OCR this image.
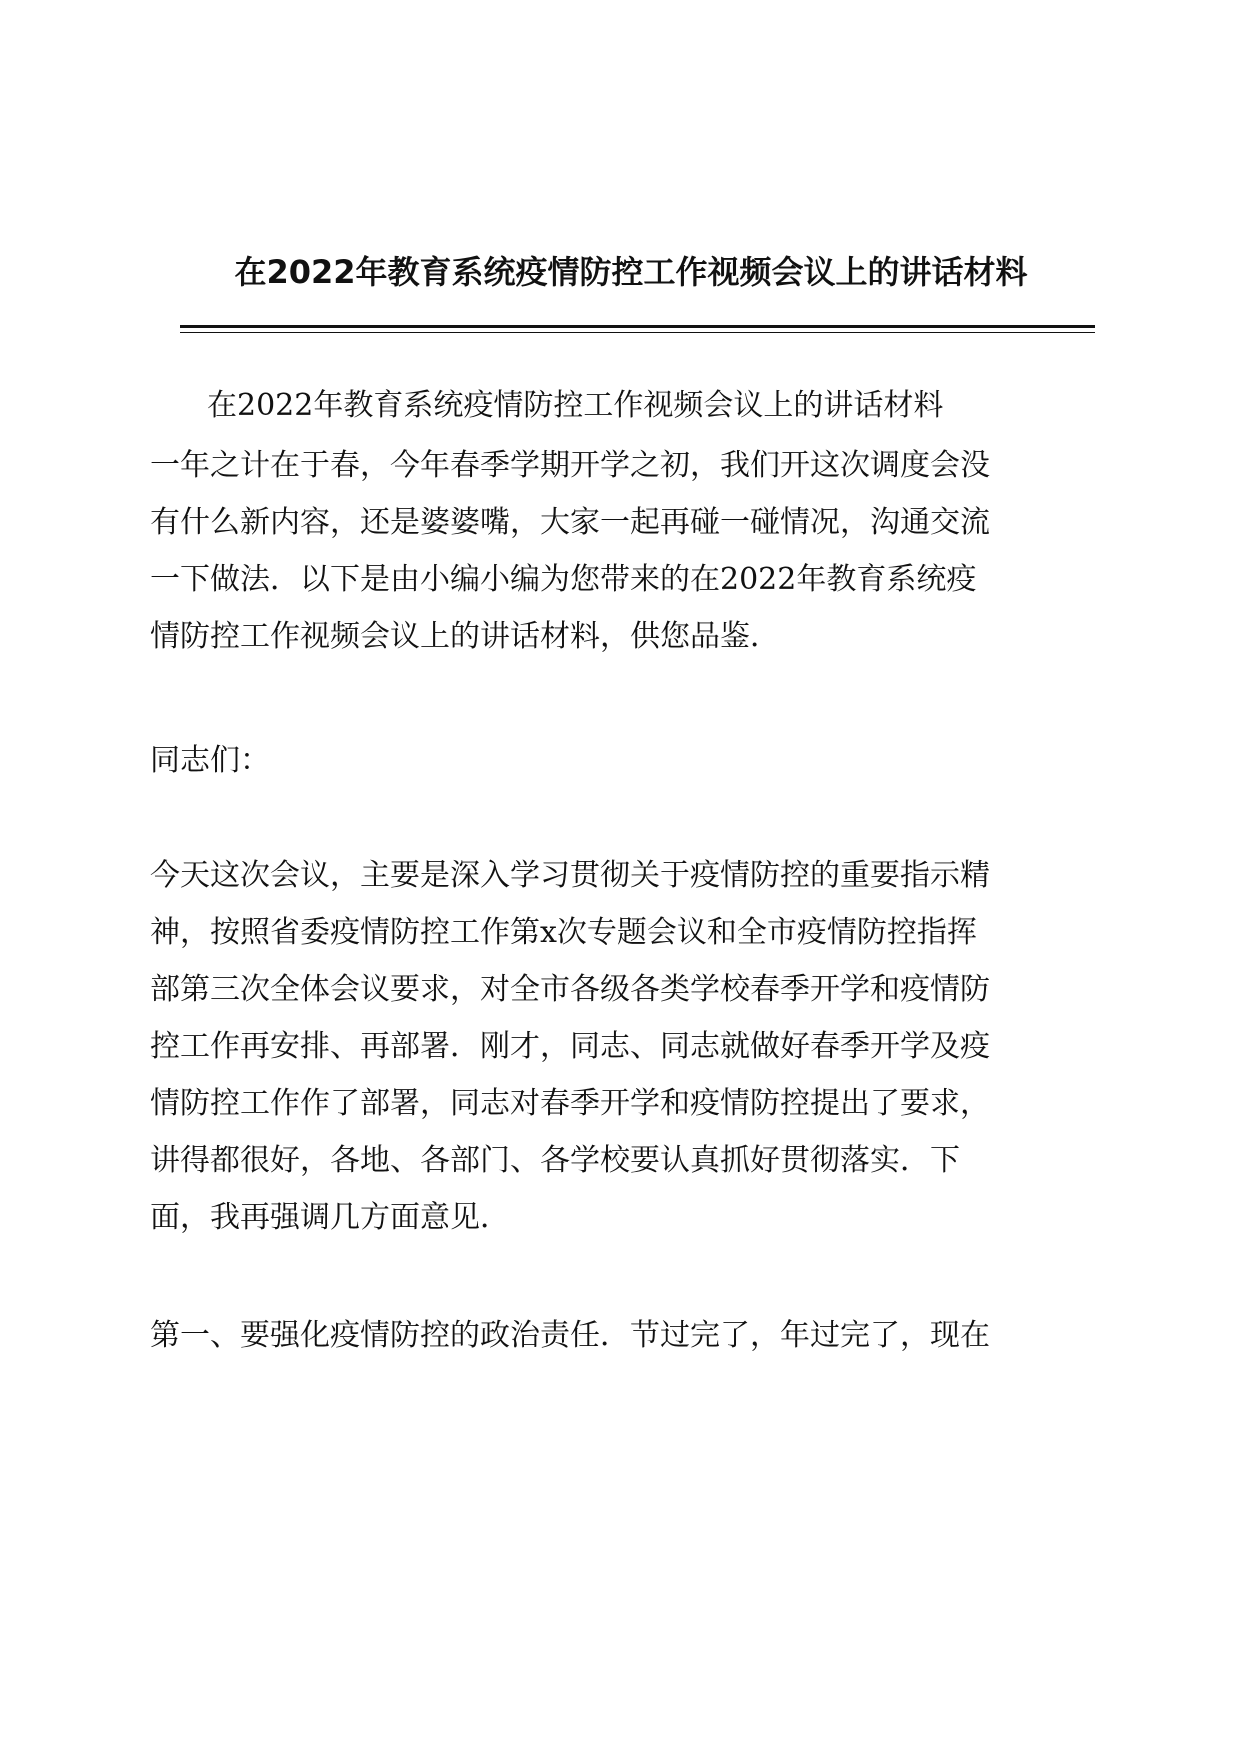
在2022年教育系统疫情防控工作视频会议上的讲话材料

在2022年教育系统疫情防控工作视频会议上的讲话材料

一年之计在于春，今年春季学期开学之初，我们开这次调度会没

有什么新内容，还是婆婆嘴，大家一起再碰一碰情况，沟通交流

一下做法．以下是由小编小编为您带来的在2022年教育系统疫

情防控工作视频会议上的讲话材料，供您品鉴．

同志们：

今天这次会议，主要是深入学习贯彻关于疫情防控的重要指示精

神，按照省委疫情防控工作第x次专题会议和全市疫情防控指挥

部第三次全体会议要求，对全市各级各类学校春季开学和疫情防

控工作再安排、再部署．刚才，同志、同志就做好春季开学及疫

情防控工作作了部署，同志对春季开学和疫情防控提出了要求，

讲得都很好，各地、各部门、各学校要认真抓好贯彻落实．下

面，我再强调几方面意见．

第一、要强化疫情防控的政治责任．节过完了，年过完了，现在
